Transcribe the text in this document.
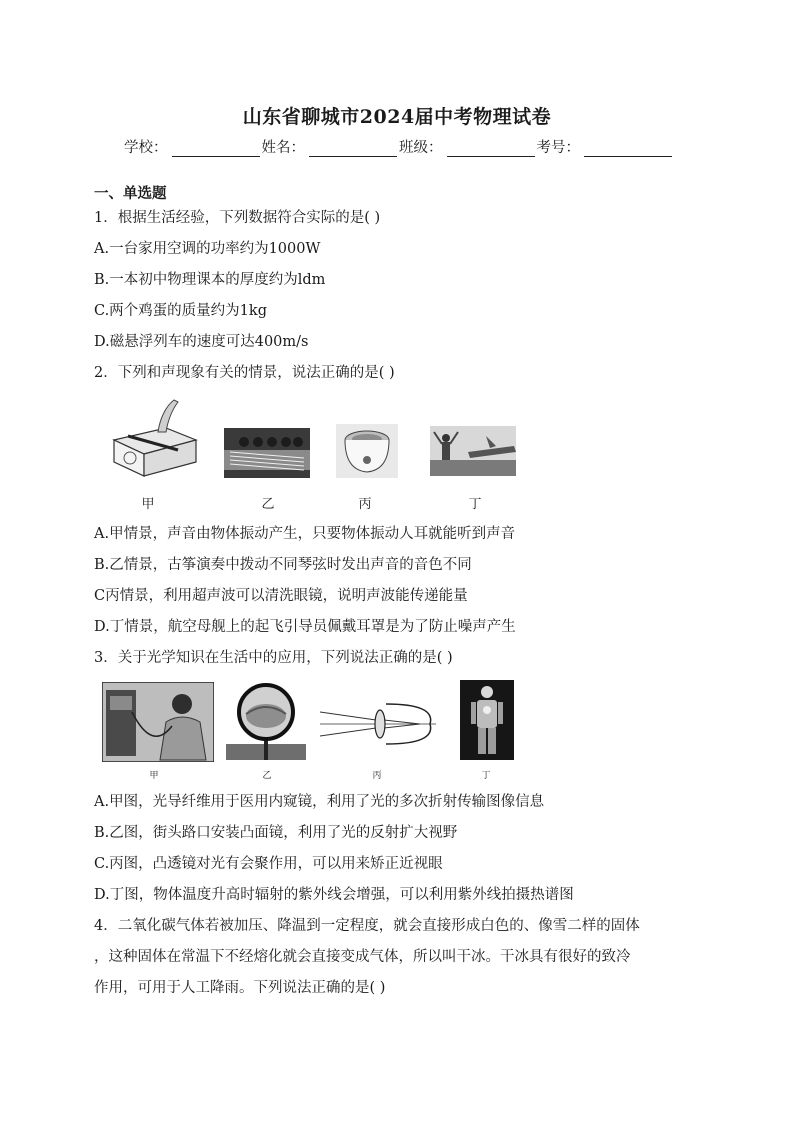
山东省聊城市2024届中考物理试卷
学校：	姓名：	班级：	考号：
一、单选题
1．根据生活经验，下列数据符合实际的是( )
A.一台家用空调的功率约为1000W
B.一本初中物理课本的厚度约为ldm
C.两个鸡蛋的质量约为1kg
D.磁悬浮列车的速度可达400m/s
2．下列和声现象有关的情景，说法正确的是( )
甲	乙	丙	丁
A.甲情景，声音由物体振动产生，只要物体振动人耳就能听到声音
B.乙情景，古筝演奏中拨动不同琴弦时发出声音的音色不同
C丙情景，利用超声波可以清洗眼镜，说明声波能传递能量
D.丁情景，航空母舰上的起飞引导员佩戴耳罩是为了防止噪声产生
3．关于光学知识在生活中的应用，下列说法正确的是( )
甲	乙	丙	丁
A.甲图，光导纤维用于医用内窥镜，利用了光的多次折射传输图像信息
B.乙图，街头路口安装凸面镜，利用了光的反射扩大视野
C.丙图，凸透镜对光有会聚作用，可以用来矫正近视眼
D.丁图，物体温度升高时辐射的紫外线会增强，可以利用紫外线拍摄热谱图
4．二氧化碳气体若被加压、降温到一定程度，就会直接形成白色的、像雪二样的固体
，这种固体在常温下不经熔化就会直接变成气体，所以叫干冰。干冰具有很好的致冷
作用，可用于人工降雨。下列说法正确的是( )
